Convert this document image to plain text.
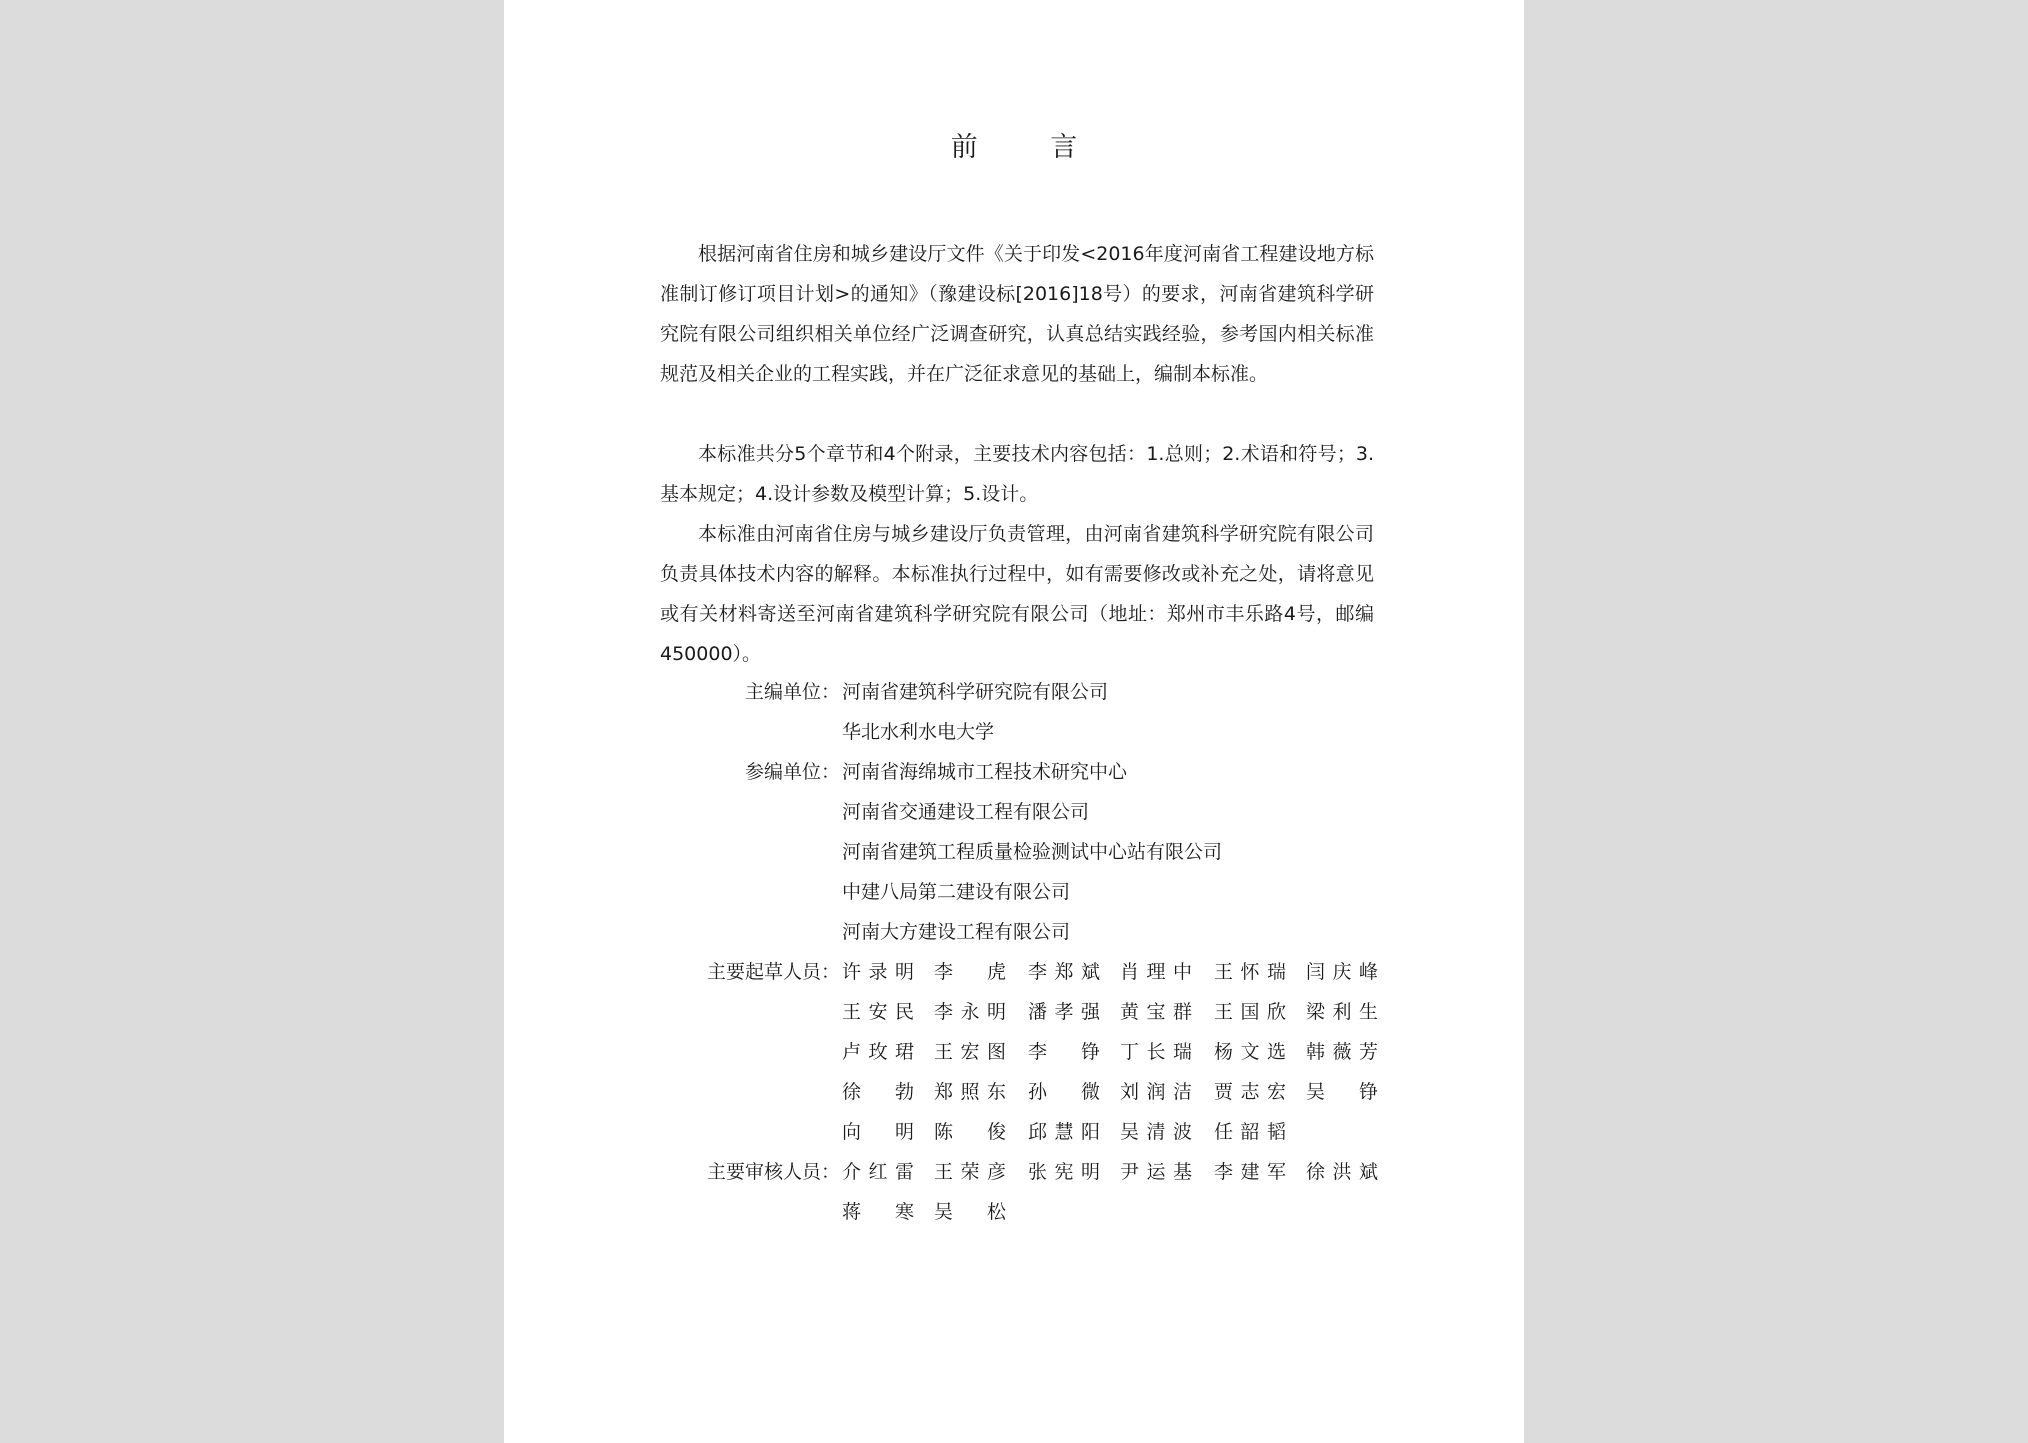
前 言

根据河南省住房和城乡建设厅文件《关于印发<2016年度河南省工程建设地方标准制订修订项目计划>的通知》（豫建设标[2016]18号）的要求，河南省建筑科学研究院有限公司组织相关单位经广泛调查研究，认真总结实践经验，参考国内相关标准规范及相关企业的工程实践，并在广泛征求意见的基础上，编制本标准。

本标准共分5个章节和4个附录，主要技术内容包括：1.总则；2.术语和符号；3.基本规定；4.设计参数及模型计算；5.设计。

本标准由河南省住房与城乡建设厅负责管理，由河南省建筑科学研究院有限公司负责具体技术内容的解释。本标准执行过程中，如有需要修改或补充之处，请将意见或有关材料寄送至河南省建筑科学研究院有限公司（地址：郑州市丰乐路4号，邮编450000）。

主编单位： 河南省建筑科学研究院有限公司
华北水利水电大学
参编单位： 河南省海绵城市工程技术研究中心
河南省交通建设工程有限公司
河南省建筑工程质量检验测试中心站有限公司
中建八局第二建设有限公司
河南大方建设工程有限公司
主要起草人员： 许录明 李虎 李郑斌 肖理中 王怀瑞 闫庆峰
王安民 李永明 潘孝强 黄宝群 王国欣 梁利生
卢玫珺 王宏图 李铮 丁长瑞 杨文选 韩薇芳
徐勃 郑照东 孙微 刘润洁 贾志宏 吴铮
向明 陈俊 邱慧阳 吴清波 任韶韬
主要审核人员： 介红雷 王荣彦 张宪明 尹运基 李建军 徐洪斌
蒋寒 吴松
